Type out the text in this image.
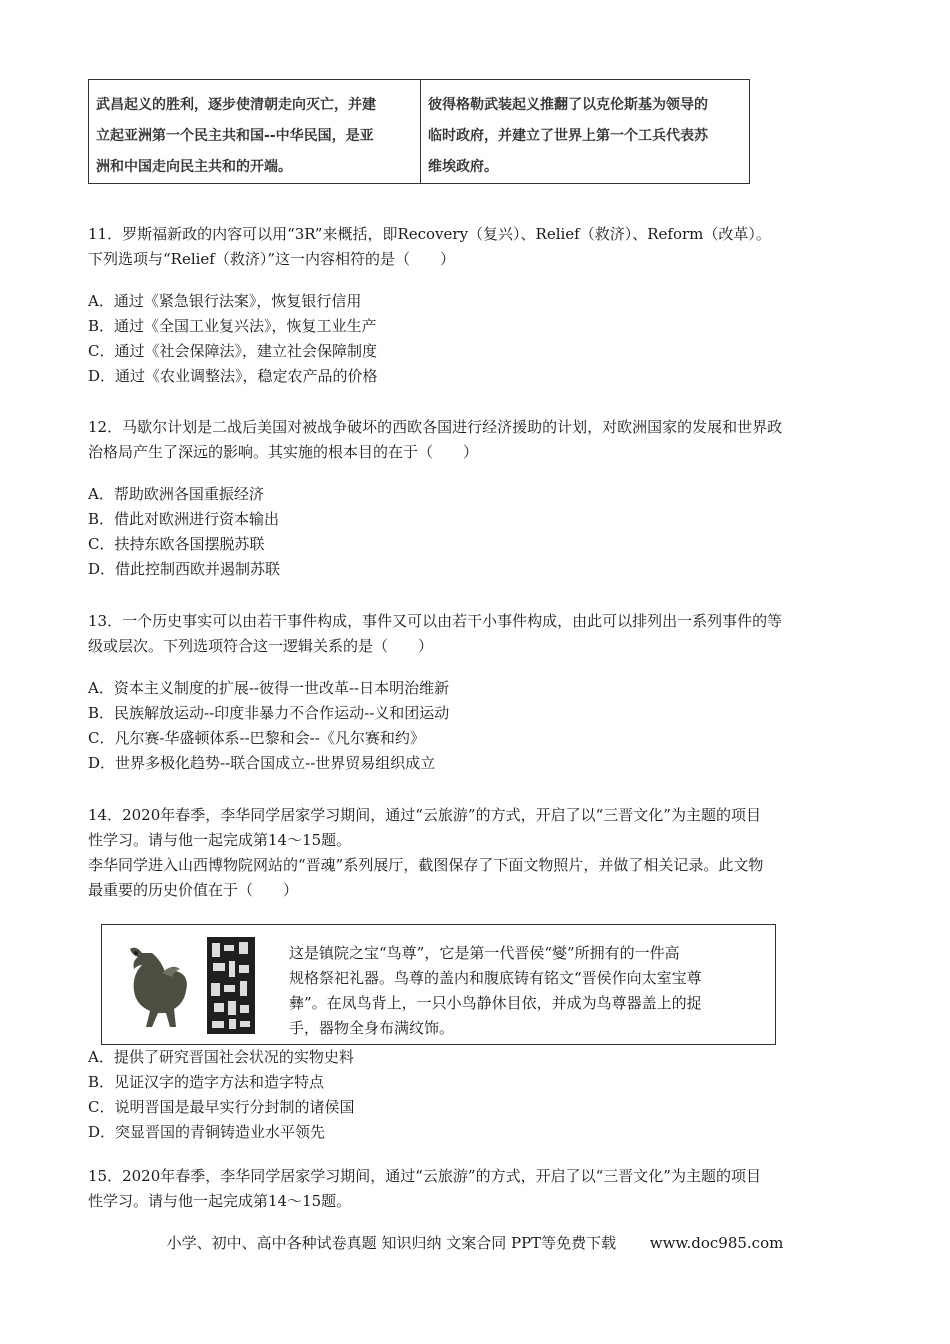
武昌起义的胜利，逐步使清朝走向灭亡，并建
立起亚洲第一个民主共和国--中华民国，是亚
洲和中国走向民主共和的开端。
彼得格勒武装起义推翻了以克伦斯基为领导的
临时政府，并建立了世界上第一个工兵代表苏
维埃政府。
11．罗斯福新政的内容可以用“3R”来概括，即Recovery（复兴）、Relief（救济）、Reform（改革）。
下列选项与“Relief（救济）”这一内容相符的是（　　）
A．通过《紧急银行法案》，恢复银行信用
B．通过《全国工业复兴法》，恢复工业生产
C．通过《社会保障法》，建立社会保障制度
D．通过《农业调整法》，稳定农产品的价格
12．马歇尔计划是二战后美国对被战争破坏的西欧各国进行经济援助的计划，对欧洲国家的发展和世界政
治格局产生了深远的影响。其实施的根本目的在于（　　）
A．帮助欧洲各国重振经济
B．借此对欧洲进行资本输出
C．扶持东欧各国摆脱苏联
D．借此控制西欧并遏制苏联
13．一个历史事实可以由若干事件构成，事件又可以由若干小事件构成，由此可以排列出一系列事件的等
级或层次。下列选项符合这一逻辑关系的是（　　）
A．资本主义制度的扩展--彼得一世改革--日本明治维新
B．民族解放运动--印度非暴力不合作运动--义和团运动
C．凡尔赛-华盛顿体系--巴黎和会--《凡尔赛和约》
D．世界多极化趋势--联合国成立--世界贸易组织成立
14．2020年春季，李华同学居家学习期间，通过“云旅游”的方式，开启了以“三晋文化”为主题的项目
性学习。请与他一起完成第14～15题。
李华同学进入山西博物院网站的“晋魂”系列展厅，截图保存了下面文物照片，并做了相关记录。此文物
最重要的历史价值在于（　　）
这是镇院之宝“鸟尊”，它是第一代晋侯“燮”所拥有的一件高
规格祭祀礼器。鸟尊的盖内和腹底铸有铭文“晋侯作向太室宝尊
彝”。在凤鸟背上，一只小鸟静休目依，并成为鸟尊器盖上的捉
手，器物全身布满纹饰。
A．提供了研究晋国社会状况的实物史料
B．见证汉字的造字方法和造字特点
C．说明晋国是最早实行分封制的诸侯国
D．突显晋国的青铜铸造业水平领先
15．2020年春季，李华同学居家学习期间，通过“云旅游”的方式，开启了以“三晋文化”为主题的项目
性学习。请与他一起完成第14～15题。
小学、初中、高中各种试卷真题 知识归纳 文案合同 PPT等免费下载 www.doc985.com
